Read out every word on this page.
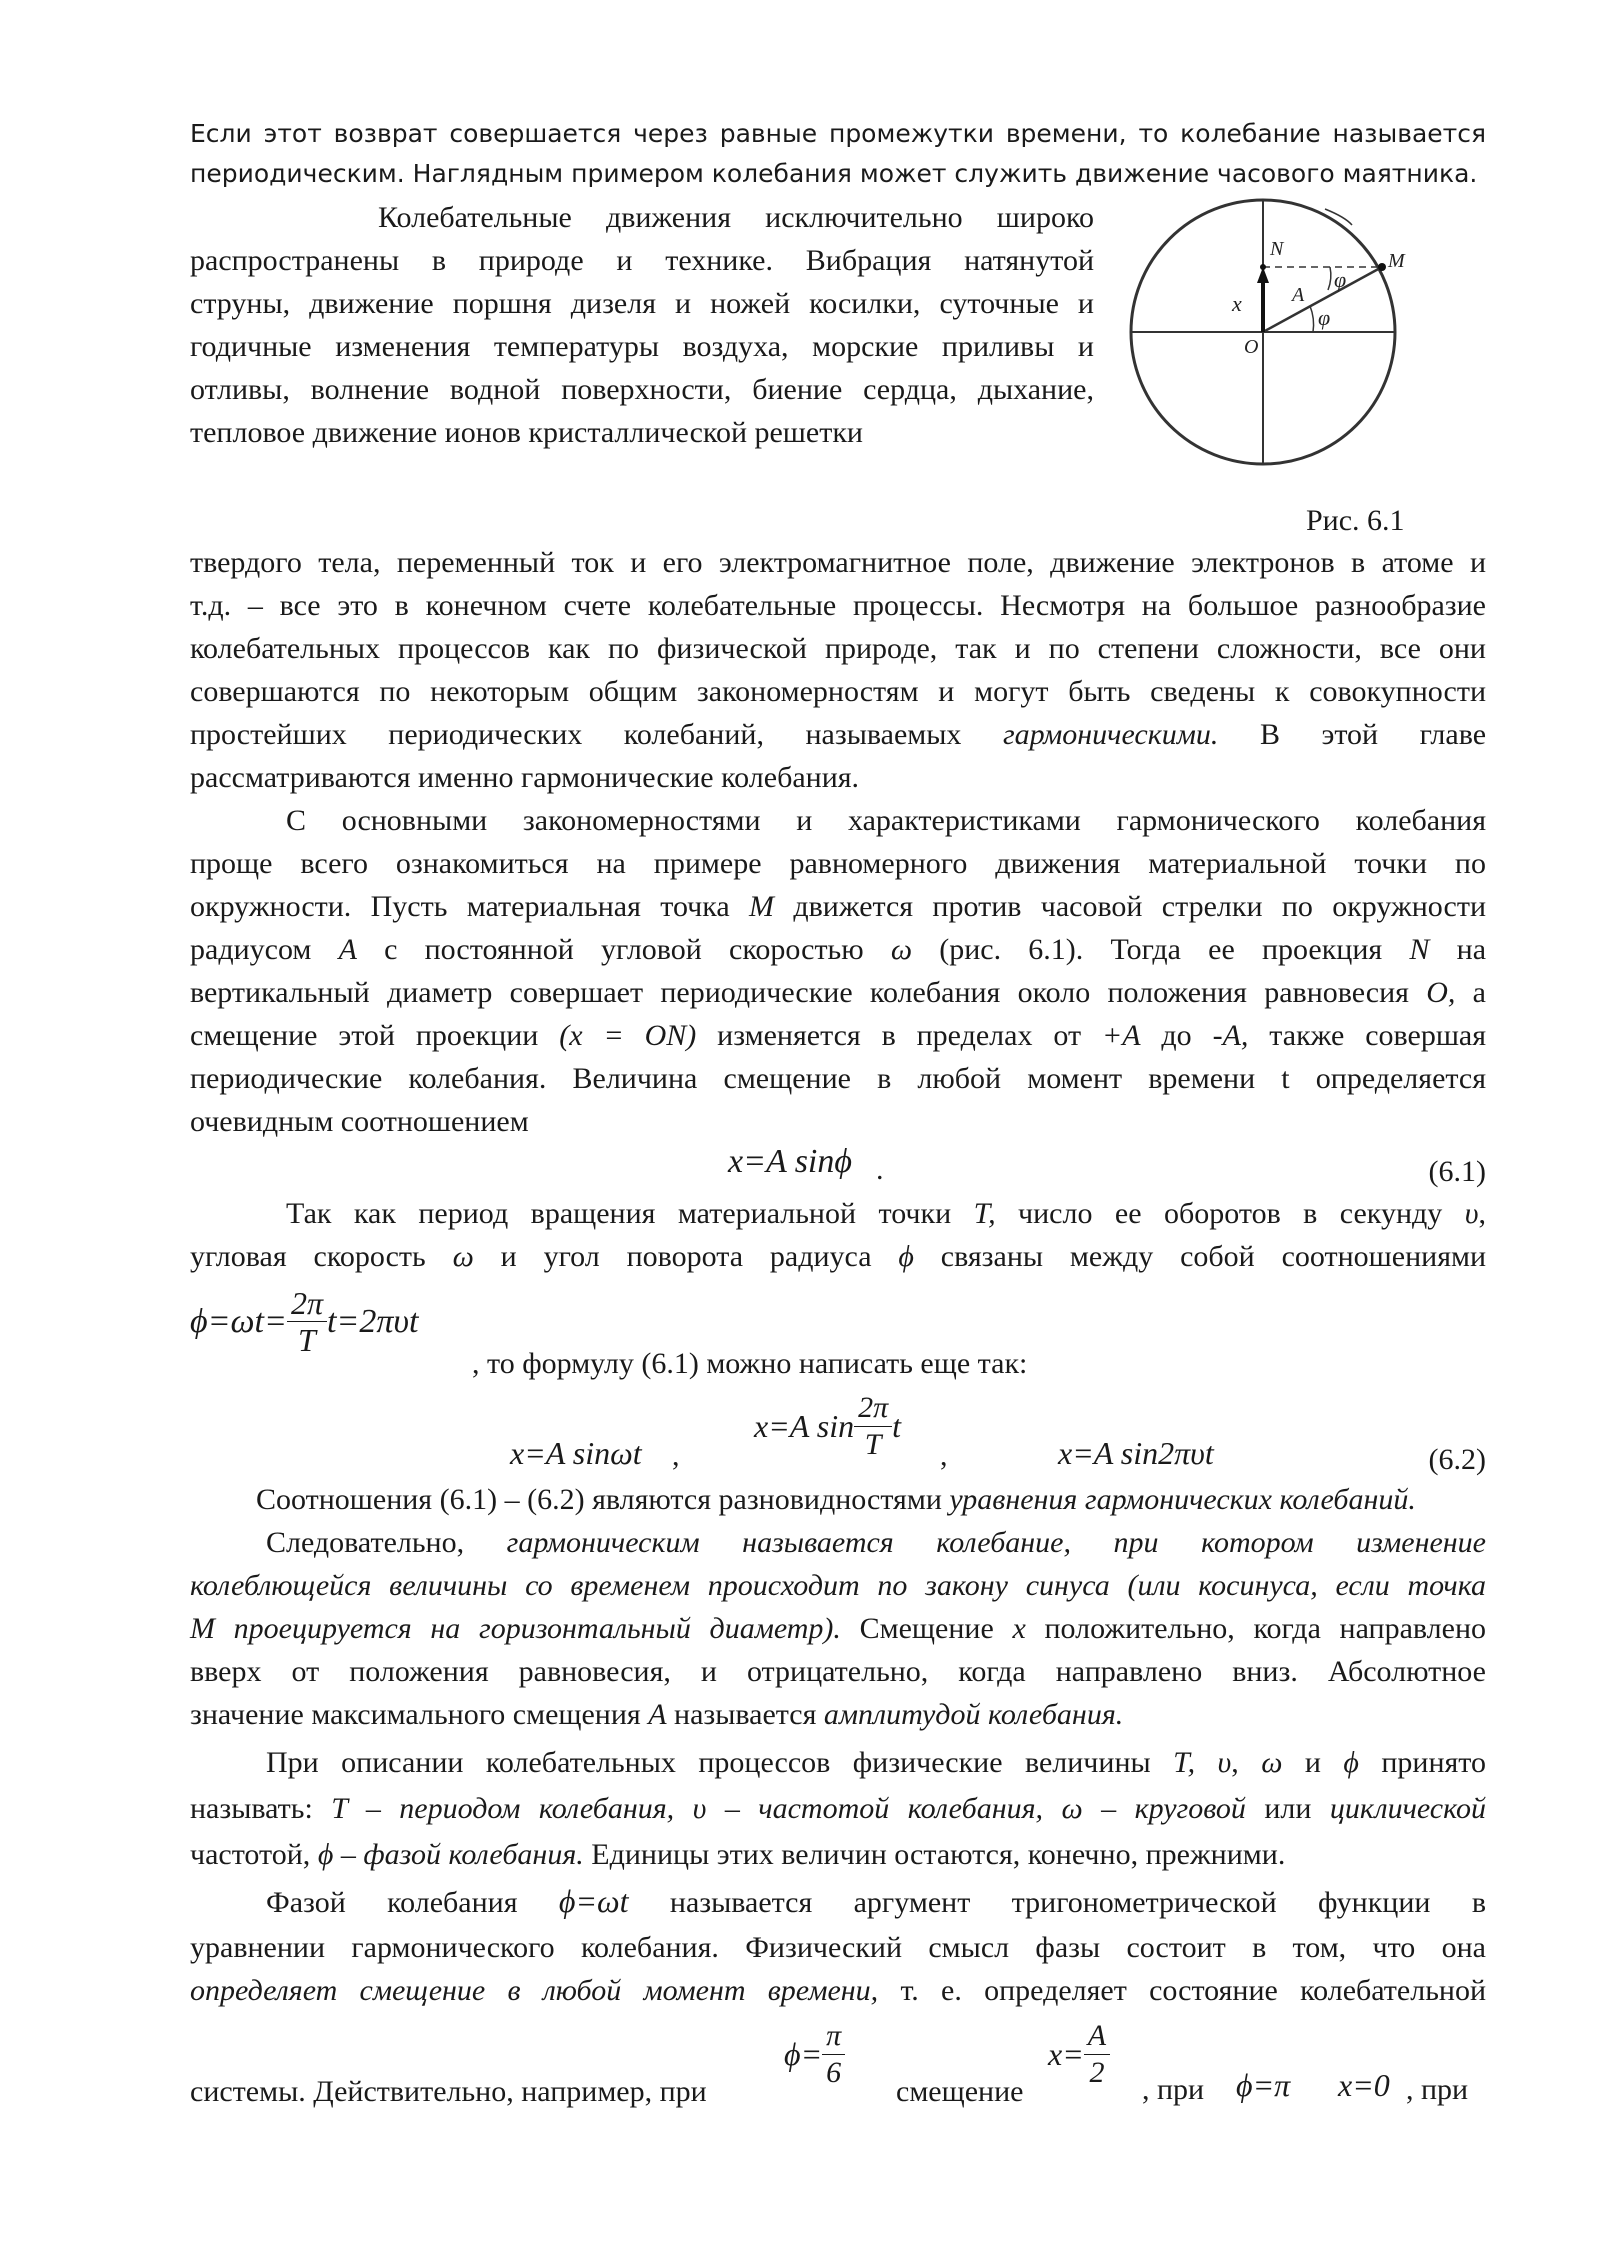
Если этот возврат совершается через равные промежутки времени, то колебание называется
периодическим. Наглядным примером колебания может служить движение часового маятника.
Колебательные движения исключительно широко
распространены в природе и технике. Вибрация натянутой
струны, движение поршня дизеля и ножей косилки, суточные и
годичные изменения температуры воздуха, морские приливы и
отливы, волнение водной поверхности, биение сердца, дыхание,
тепловое движение ионов кристаллической решетки
N
M
x	A
O
φ
φ
Рис. 6.1
твердого тела, переменный ток и его электромагнитное поле, движение электронов в атоме и
т.д. – все это в конечном счете колебательные процессы. Несмотря на большое разнообразие
колебательных процессов как по физической природе, так и по степени сложности, все они
совершаются по некоторым общим закономерностям и могут быть сведены к совокупности
простейших периодических колебаний, называемых гармоническими. В этой главе
рассматриваются именно гармонические колебания.
С основными закономерностями и характеристиками гармонического колебания
проще всего ознакомиться на примере равномерного движения материальной точки по
окружности. Пусть материальная точка M движется против часовой стрелки по окружности
радиусом A с постоянной угловой скоростью ω (рис. 6.1). Тогда ее проекция N на
вертикальный диаметр совершает периодические колебания около положения равновесия O, а
смещение этой проекции (x = ON) изменяется в пределах от +A до -A, также совершая
периодические колебания. Величина смещение в любой момент времени t определяется
очевидным соотношением
x=A sinϕ .	(6.1)
Так как период вращения материальной точки T, число ее оборотов в секунду υ,
угловая скорость ω и угол поворота радиуса ϕ связаны между собой соотношениями
$\phi=\omega t= \frac{2\pi}{T} t=2\pi\upsilon t$
, то формулу (6.1) можно написать еще так:
x=A sinωt ,
x=A $\sin \frac{2\pi}{T}$ t
,	x=A sin2πυt	(6.2)
Соотношения (6.1) – (6.2) являются разновидностями уравнения гармонических колебаний.
Следовательно, гармоническим называется колебание, при котором изменение
колеблющейся величины со временем происходит по закону синуса (или косинуса, если точка
M проецируется на горизонтальный диаметр). Смещение x положительно, когда направлено
вверх от положения равновесия, и отрицательно, когда направлено вниз. Абсолютное
значение максимального смещения A называется амплитудой колебания.
При описании колебательных процессов физические величины T, υ, ω и ϕ принято
называть: T – периодом колебания, υ – частотой колебания, ω – круговой или циклической
частотой, ϕ – фазой колебания. Единицы этих величин остаются, конечно, прежними.
Фазой колебания ϕ=ωt называется аргумент тригонометрической функции в
уравнении гармонического колебания. Физический смысл фазы состоит в том, что она
определяет смещение в любой момент времени, т. е. определяет состояние колебательной
системы. Действительно, например, при
$\phi= \frac{\pi}{6}$
смещение
$x= \frac{A}{2}$ , при ϕ=π x=0 , при
